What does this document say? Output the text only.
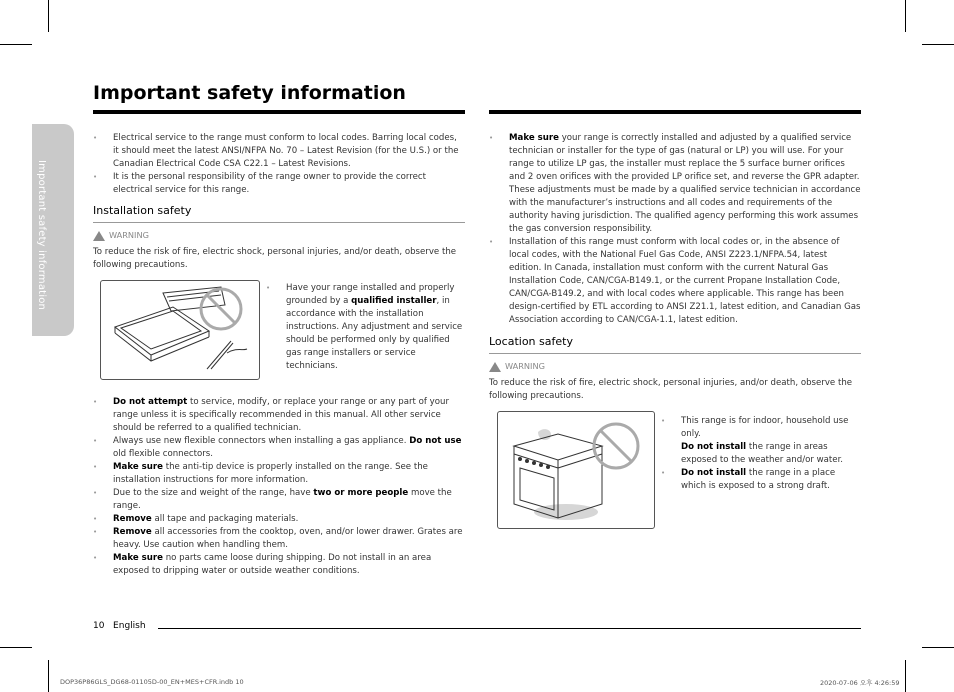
Important safety information
Important safety information
• Electrical service to the range must conform to local codes. Barring local codes, it should meet the latest ANSI/NFPA No. 70 – Latest Revision (for the U.S.) or the Canadian Electrical Code CSA C22.1 – Latest Revisions.
• It is the personal responsibility of the range owner to provide the correct electrical service for this range.
Installation safety
WARNING
To reduce the risk of fire, electric shock, personal injuries, and/or death, observe the following precautions.
• Have your range installed and properly grounded by a qualified installer, in accordance with the installation instructions. Any adjustment and service should be performed only by qualified gas range installers or service technicians.
• Do not attempt to service, modify, or replace your range or any part of your range unless it is specifically recommended in this manual. All other service should be referred to a qualified technician.
• Always use new flexible connectors when installing a gas appliance. Do not use old flexible connectors.
• Make sure the anti-tip device is properly installed on the range. See the installation instructions for more information.
• Due to the size and weight of the range, have two or more people move the range.
• Remove all tape and packaging materials.
• Remove all accessories from the cooktop, oven, and/or lower drawer. Grates are heavy. Use caution when handling them.
• Make sure no parts came loose during shipping. Do not install in an area exposed to dripping water or outside weather conditions.
• Make sure your range is correctly installed and adjusted by a qualified service technician or installer for the type of gas (natural or LP) you will use. For your range to utilize LP gas, the installer must replace the 5 surface burner orifices and 2 oven orifices with the provided LP orifice set, and reverse the GPR adapter. These adjustments must be made by a qualified service technician in accordance with the manufacturer’s instructions and all codes and requirements of the authority having jurisdiction. The qualified agency performing this work assumes the gas conversion responsibility.
• Installation of this range must conform with local codes or, in the absence of local codes, with the National Fuel Gas Code, ANSI Z223.1/NFPA.54, latest edition. In Canada, installation must conform with the current Natural Gas Installation Code, CAN/CGA-B149.1, or the current Propane Installation Code, CAN/CGA-B149.2, and with local codes where applicable. This range has been design-certified by ETL according to ANSI Z21.1, latest edition, and Canadian Gas Association according to CAN/CGA-1.1, latest edition.
Location safety
WARNING
To reduce the risk of fire, electric shock, personal injuries, and/or death, observe the following precautions.
• This range is for indoor, household use only.
Do not install the range in areas exposed to the weather and/or water.
• Do not install the range in a place which is exposed to a strong draft.
10 English
DOP36P86GLS_DG68-01105D-00_EN+MES+CFR.indb 10	2020-07-06 오후 4:26:59
